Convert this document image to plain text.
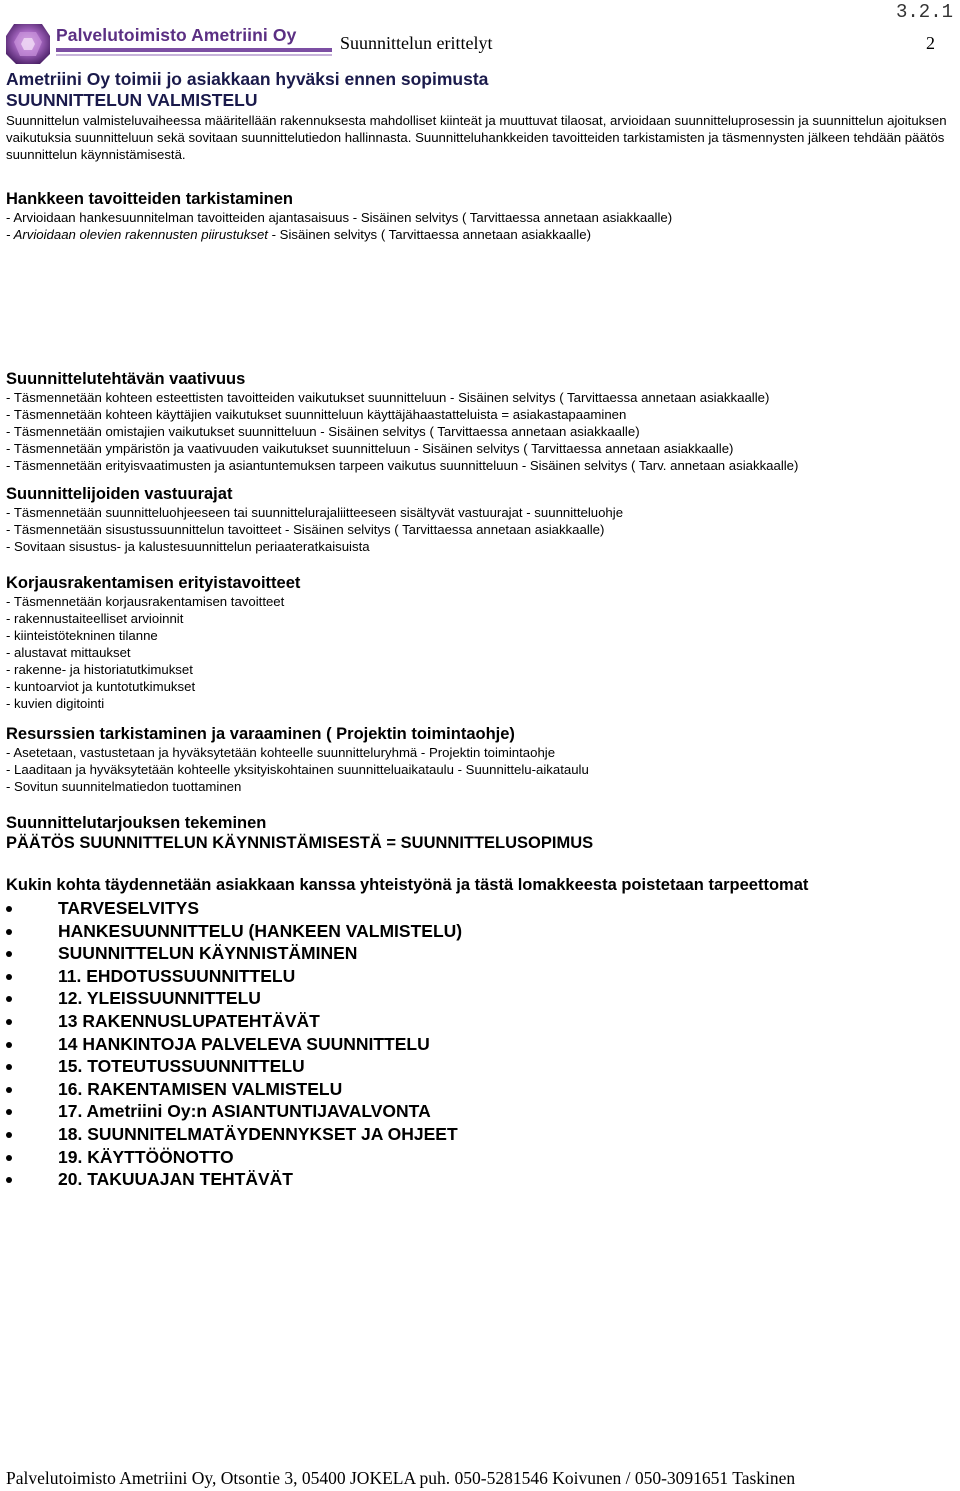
Palvelutoimisto Ametriini Oy Suunnittelun erittelyt
3.2.1
2
Ametriini Oy toimii jo asiakkaan hyväksi ennen sopimusta
SUUNNITTELUN VALMISTELU
Suunnittelun valmisteluvaiheessa määritellään rakennuksesta mahdolliset kiinteät ja muuttuvat tilaosat, arvioidaan suunnitteluprosessin ja suunnittelun ajoituksen vaikutuksia suunnitteluun sekä sovitaan suunnittelutiedon hallinnasta. Suunnitteluhankkeiden tavoitteiden tarkistamisten ja täsmennysten jälkeen tehdään päätös suunnittelun käynnistämisestä.
Hankkeen tavoitteiden tarkistaminen
- Arvioidaan hankesuunnitelman tavoitteiden ajantasaisuus - Sisäinen selvitys ( Tarvittaessa annetaan asiakkaalle)
- Arvioidaan olevien rakennusten piirustukset - Sisäinen selvitys ( Tarvittaessa annetaan asiakkaalle)
Suunnittelutehtävän vaativuus
- Täsmennetään kohteen esteettisten tavoitteiden vaikutukset suunnitteluun - Sisäinen selvitys ( Tarvittaessa annetaan asiakkaalle)
- Täsmennetään kohteen käyttäjien vaikutukset suunnitteluun käyttäjähaastatteluista = asiakastapaaminen
- Täsmennetään omistajien vaikutukset suunnitteluun - Sisäinen selvitys ( Tarvittaessa annetaan asiakkaalle)
- Täsmennetään ympäristön ja vaativuuden vaikutukset suunnitteluun - Sisäinen selvitys ( Tarvittaessa annetaan asiakkaalle)
- Täsmennetään erityisvaatimusten ja asiantuntemuksen tarpeen vaikutus suunnitteluun - Sisäinen selvitys ( Tarv. annetaan asiakkaalle)
Suunnittelijoiden vastuurajat
- Täsmennetään suunnitteluohjeeseen tai suunnittelurajaliitteeseen sisältyvät vastuurajat - suunnitteluohje
- Täsmennetään sisustussuunnittelun tavoitteet - Sisäinen selvitys ( Tarvittaessa annetaan asiakkaalle)
- Sovitaan sisustus- ja kalustesuunnittelun periaateratkaisuista
Korjausrakentamisen erityistavoitteet
- Täsmennetään korjausrakentamisen tavoitteet
- rakennustaiteelliset arvioinnit
- kiinteistötekninen tilanne
- alustavat mittaukset
- rakenne- ja historiatutkimukset
- kuntoarviot ja kuntotutkimukset
- kuvien digitointi
Resurssien tarkistaminen ja varaaminen ( Projektin toimintaohje)
- Asetetaan, vastustetaan ja hyväksytetään kohteelle suunnitteluryhmä - Projektin toimintaohje
- Laaditaan ja hyväksytetään kohteelle yksityiskohtainen suunnitteluaikataulu - Suunnittelu-aikataulu
- Sovitun suunnitelmatiedon tuottaminen
Suunnittelutarjouksen tekeminen
PÄÄTÖS SUUNNITTELUN KÄYNNISTÄMISESTÄ = SUUNNITTELUSOPIMUS
Kukin kohta täydennetään asiakkaan kanssa yhteistyönä ja tästä lomakkeesta poistetaan tarpeettomat
TARVESELVITYS
HANKESUUNNITTELU (HANKEEN VALMISTELU)
SUUNNITTELUN KÄYNNISTÄMINEN
11. EHDOTUSSUUNNITTELU
12. YLEISSUUNNITTELU
13 RAKENNUSLUPATEHTÄVÄT
14 HANKINTOJA PALVELEVA SUUNNITTELU
15. TOTEUTUSSUUNNITTELU
16. RAKENTAMISEN VALMISTELU
17. Ametriini Oy:n ASIANTUNTIJAVALVONTA
18. SUUNNITELMATÄYDENNYKSET JA OHJEET
19. KÄYTTÖÖNOTTO
20. TAKUUAJAN TEHTÄVÄT
Palvelutoimisto Ametriini Oy, Otsontie 3, 05400 JOKELA puh. 050-5281546 Koivunen / 050-3091651 Taskinen
